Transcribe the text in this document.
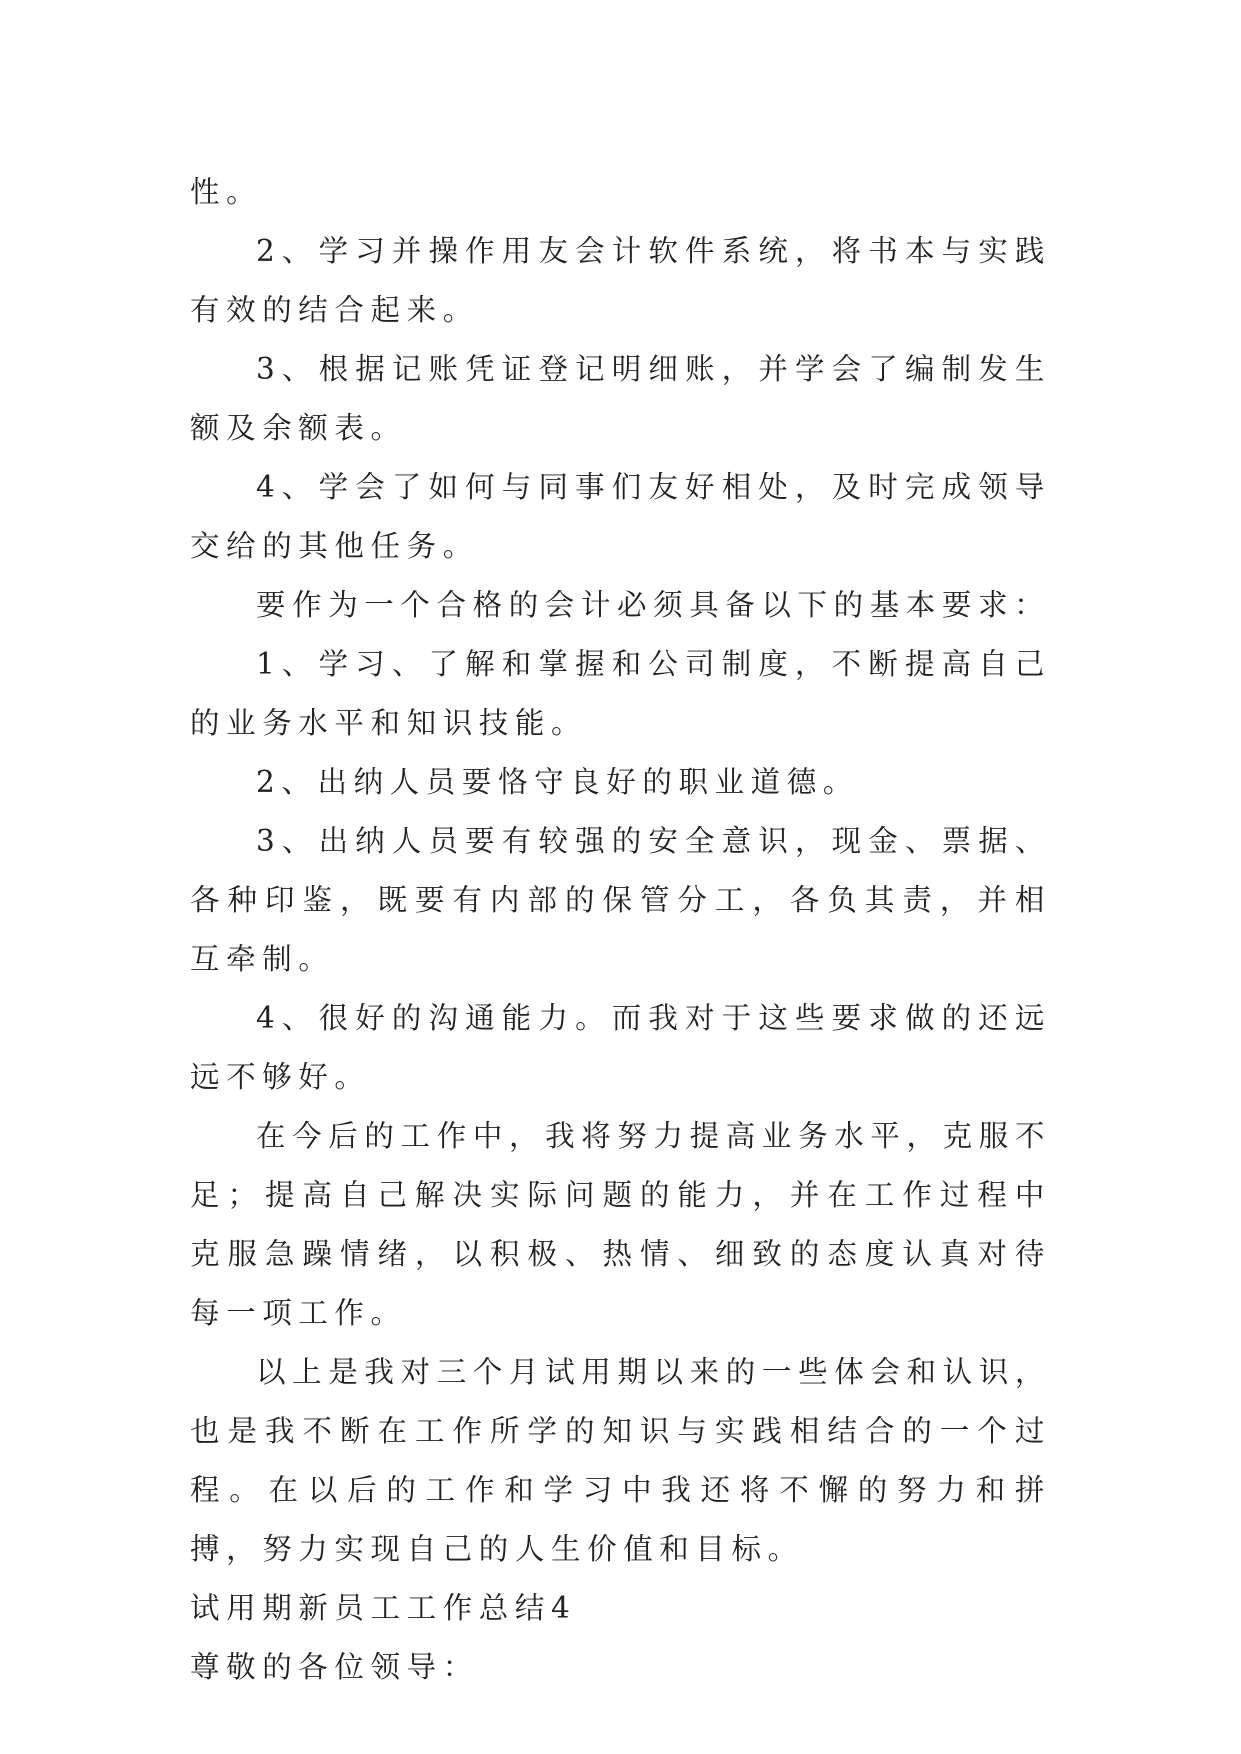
性。

2、学习并操作用友会计软件系统，将书本与实践有效的结合起来。

3、根据记账凭证登记明细账，并学会了编制发生额及余额表。

4、学会了如何与同事们友好相处，及时完成领导交给的其他任务。

要作为一个合格的会计必须具备以下的基本要求：

1、学习、了解和掌握和公司制度，不断提高自己的业务水平和知识技能。

2、出纳人员要恪守良好的职业道德。

3、出纳人员要有较强的安全意识，现金、票据、各种印鉴，既要有内部的保管分工，各负其责，并相互牵制。

4、很好的沟通能力。而我对于这些要求做的还远远不够好。

在今后的工作中，我将努力提高业务水平，克服不足；提高自己解决实际问题的能力，并在工作过程中克服急躁情绪，以积极、热情、细致的态度认真对待每一项工作。

以上是我对三个月试用期以来的一些体会和认识，也是我不断在工作所学的知识与实践相结合的一个过程。在以后的工作和学习中我还将不懈的努力和拼搏，努力实现自己的人生价值和目标。

试用期新员工工作总结4

尊敬的各位领导：
